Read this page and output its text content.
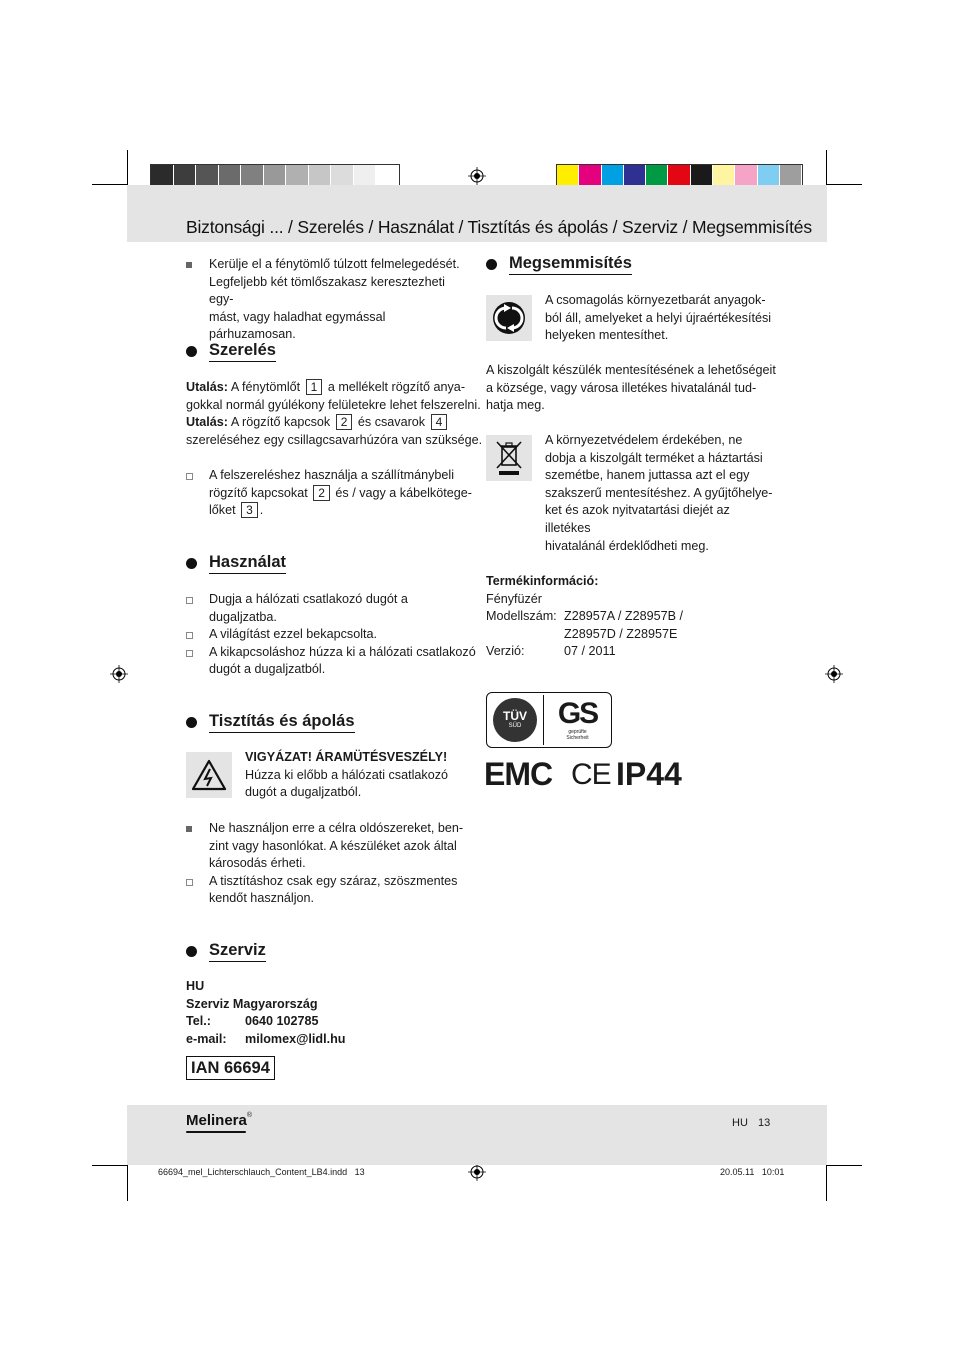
Biztonsági ... / Szerelés / Használat / Tisztítás és ápolás / Szerviz / Megsemmisítés
Kerülje el a fénytömlő túlzott felmelegedését.
Legfeljebb két tömlőszakasz keresztezheti egy-
mást, vagy haladhat egymással párhuzamosan.
Szerelés
Utalás: A fénytömlőt 1 a mellékelt rögzítő anya-
gokkal normál gyúlékony felületekre lehet felszerelni.
Utalás: A rögzítő kapcsok 2 és csavarok 4
szereléséhez egy csillagcsavarhúzóra van szüksége.
A felszereléshez használja a szállítmánybeli
rögzítő kapcsokat 2 és / vagy a kábelkötege-
lőket 3 .
Használat
Dugja a hálózati csatlakozó dugót a
dugaljzatba.
A világítást ezzel bekapcsolta.
A kikapcsoláshoz húzza ki a hálózati csatlakozó
dugót a dugaljzatból.
Tisztítás és ápolás
VIGYÁZAT! ÁRAMÜTÉSVESZÉLY!
Húzza ki előbb a hálózati csatlakozó
dugót a dugaljzatból.
Ne használjon erre a célra oldószereket, ben-
zint vagy hasonlókat. A készüléket azok által
károsodás érheti.
A tisztításhoz csak egy száraz, szöszmentes
kendőt használjon.
Szerviz
HU
Szerviz Magyarország
Tel.:	0640 102785
e-mail:	milomex@lidl.hu
IAN 66694
Megsemmisítés
A csomagolás környezetbarát anyagok-
ból áll, amelyeket a helyi újraértékesítési
helyeken mentesíthet.
A kiszolgált készülék mentesítésének a lehetőségeit
a községe, vagy városa illetékes hivatalánál tud-
hatja meg.
A környezetvédelem érdekében, ne
dobja a kiszolgált terméket a háztartási
szemétbe, hanem juttassa azt el egy
szakszerű mentesítéshez. A gyűjtőhelye-
ket és azok nyitvatartási diejét az illetékes
hivatalánál érdeklődheti meg.
Termékinformáció:
Fényfüzér
Modellszám: Z28957A / Z28957B /
Z28957D / Z28957E
Verzió:	07 / 2011
TÜV
SÜD GS
geprüfte
Sicherheit
EMC CE IP44
Melinera®
HU 13
66694_mel_Lichterschlauch_Content_LB4.indd   13	20.05.11   10:01
